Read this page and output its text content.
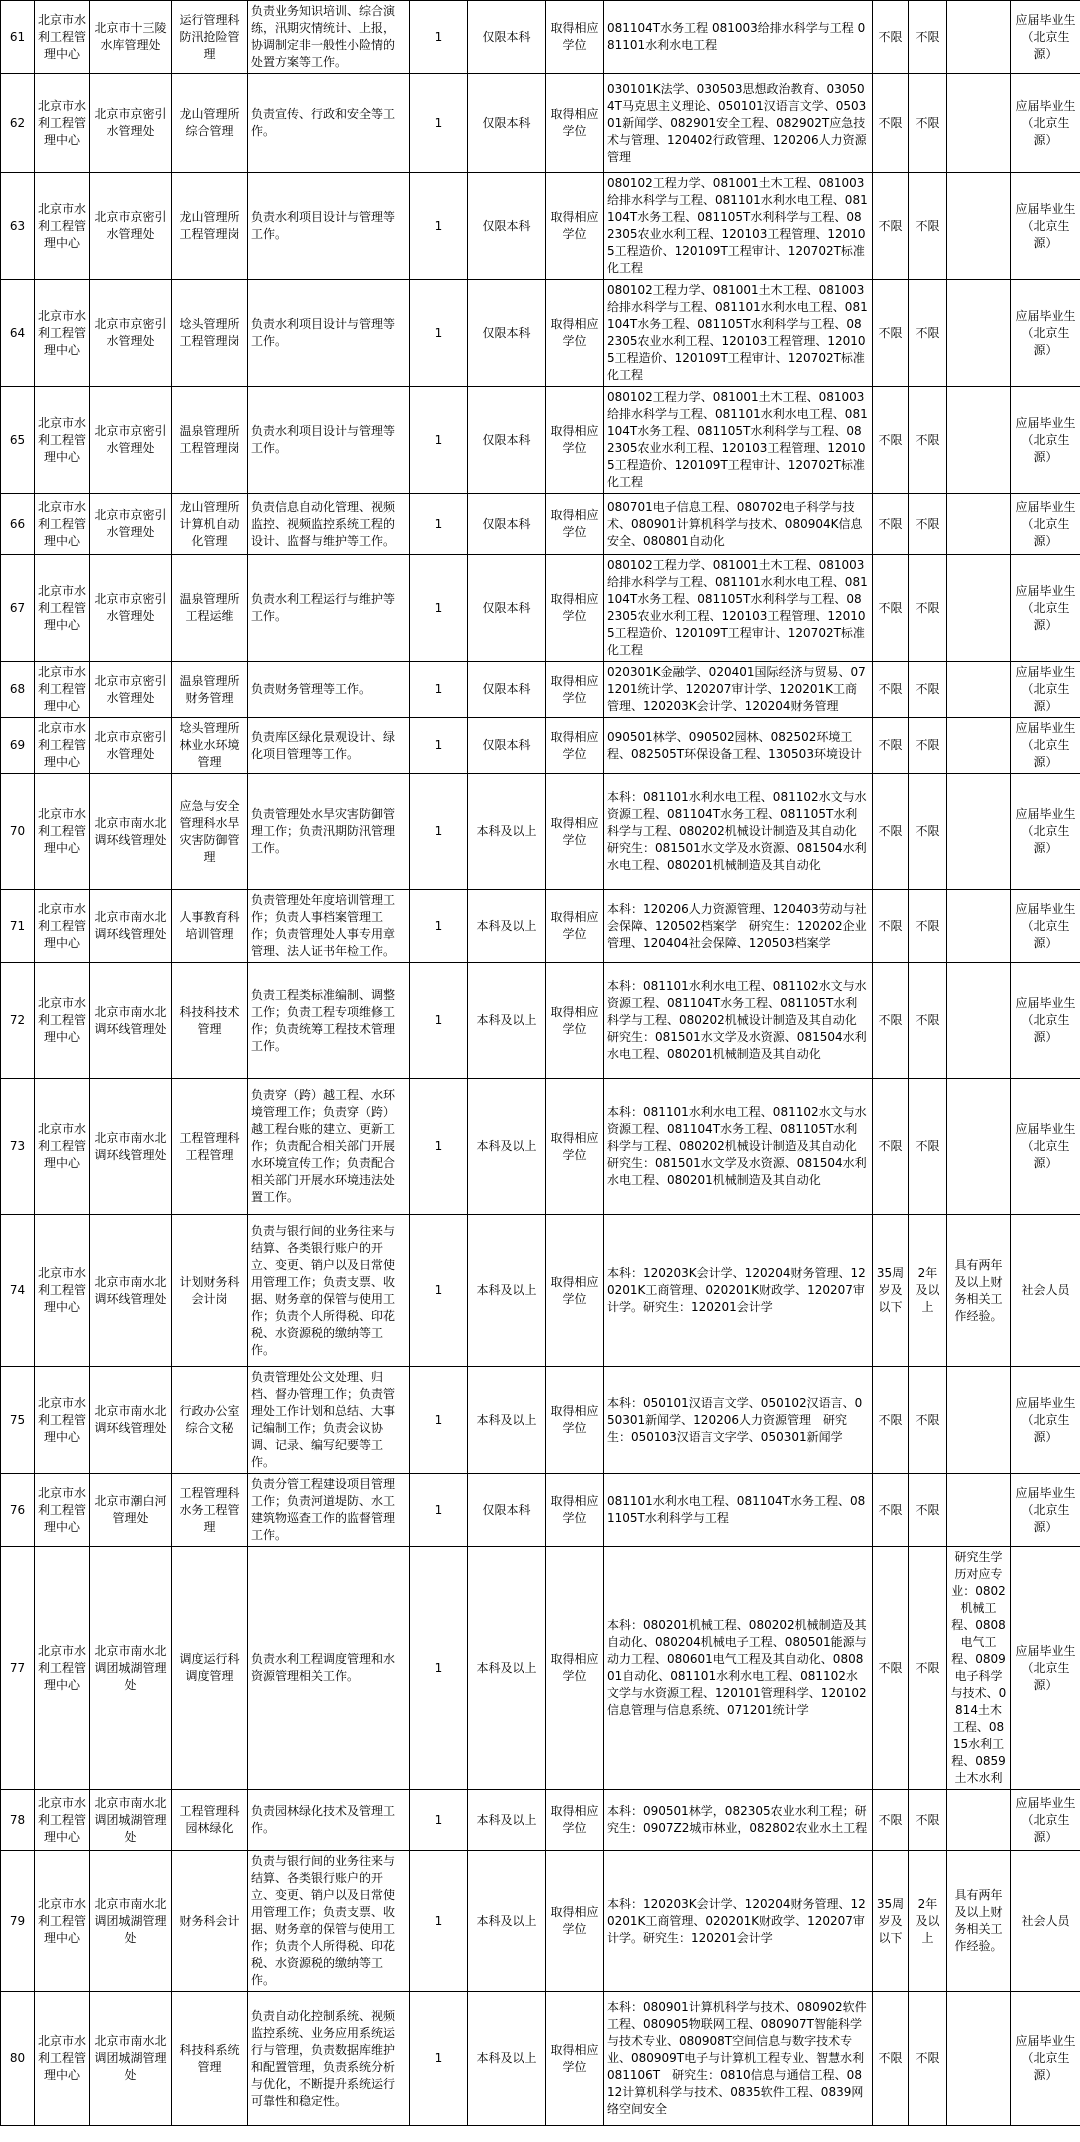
61	北京市水利工程管理中心	北京市十三陵水库管理处	运行管理科防汛抢险管理	负责业务知识培训、综合演练，汛期灾情统计、上报，协调制定非一般性小险情的处置方案等工作。	1	仅限本科	取得相应学位	081104T水务工程 081003给排水科学与工程 081101水利水电工程	不限	不限		应届毕业生（北京生源）
62	北京市水利工程管理中心	北京市京密引水管理处	龙山管理所综合管理	负责宣传、行政和安全等工作。	1	仅限本科	取得相应学位	030101K法学、030503思想政治教育、030504T马克思主义理论、050101汉语言文学、050301新闻学、082901安全工程、082902T应急技术与管理、120402行政管理、120206人力资源管理	不限	不限		应届毕业生（北京生源）
63	北京市水利工程管理中心	北京市京密引水管理处	龙山管理所工程管理岗	负责水利项目设计与管理等工作。	1	仅限本科	取得相应学位	080102工程力学、081001土木工程、081003给排水科学与工程、081101水利水电工程、081104T水务工程、081105T水利科学与工程、082305农业水利工程、120103工程管理、120105工程造价、120109T工程审计、120702T标准化工程	不限	不限		应届毕业生（北京生源）
64	北京市水利工程管理中心	北京市京密引水管理处	埝头管理所工程管理岗	负责水利项目设计与管理等工作。	1	仅限本科	取得相应学位	080102工程力学、081001土木工程、081003给排水科学与工程、081101水利水电工程、081104T水务工程、081105T水利科学与工程、082305农业水利工程、120103工程管理、120105工程造价、120109T工程审计、120702T标准化工程	不限	不限		应届毕业生（北京生源）
65	北京市水利工程管理中心	北京市京密引水管理处	温泉管理所工程管理岗	负责水利项目设计与管理等工作。	1	仅限本科	取得相应学位	080102工程力学、081001土木工程、081003给排水科学与工程、081101水利水电工程、081104T水务工程、081105T水利科学与工程、082305农业水利工程、120103工程管理、120105工程造价、120109T工程审计、120702T标准化工程	不限	不限		应届毕业生（北京生源）
66	北京市水利工程管理中心	北京市京密引水管理处	龙山管理所计算机自动化管理	负责信息自动化管理、视频监控、视频监控系统工程的设计、监督与维护等工作。	1	仅限本科	取得相应学位	080701电子信息工程、080702电子科学与技术、080901计算机科学与技术、080904K信息安全、080801自动化	不限	不限		应届毕业生（北京生源）
67	北京市水利工程管理中心	北京市京密引水管理处	温泉管理所工程运维	负责水利工程运行与维护等工作。	1	仅限本科	取得相应学位	080102工程力学、081001土木工程、081003给排水科学与工程、081101水利水电工程、081104T水务工程、081105T水利科学与工程、082305农业水利工程、120103工程管理、120105工程造价、120109T工程审计、120702T标准化工程	不限	不限		应届毕业生（北京生源）
68	北京市水利工程管理中心	北京市京密引水管理处	温泉管理所财务管理	负责财务管理等工作。	1	仅限本科	取得相应学位	020301K金融学、020401国际经济与贸易、071201统计学、120207审计学、120201K工商管理、120203K会计学、120204财务管理	不限	不限		应届毕业生（北京生源）
69	北京市水利工程管理中心	北京市京密引水管理处	埝头管理所林业水环境管理	负责库区绿化景观设计、绿化项目管理等工作。	1	仅限本科	取得相应学位	090501林学、090502园林、082502环境工程、082505T环保设备工程、130503环境设计	不限	不限		应届毕业生（北京生源）
70	北京市水利工程管理中心	北京市南水北调环线管理处	应急与安全管理科水旱灾害防御管理	负责管理处水旱灾害防御管理工作；负责汛期防汛管理工作。	1	本科及以上	取得相应学位	本科：081101水利水电工程、081102水文与水资源工程、081104T水务工程、081105T水利科学与工程、080202机械设计制造及其自动化　研究生：081501水文学及水资源、081504水利水电工程、080201机械制造及其自动化	不限	不限		应届毕业生（北京生源）
71	北京市水利工程管理中心	北京市南水北调环线管理处	人事教育科培训管理	负责管理处年度培训管理工作；负责人事档案管理工作；负责管理处人事专用章管理、法人证书年检工作。	1	本科及以上	取得相应学位	本科：120206人力资源管理、120403劳动与社会保障、120502档案学　研究生：120202企业管理、120404社会保障、120503档案学	不限	不限		应届毕业生（北京生源）
72	北京市水利工程管理中心	北京市南水北调环线管理处	科技科技术管理	负责工程类标准编制、调整工作；负责工程专项维修工作；负责统筹工程技术管理工作。	1	本科及以上	取得相应学位	本科：081101水利水电工程、081102水文与水资源工程、081104T水务工程、081105T水利科学与工程、080202机械设计制造及其自动化　研究生：081501水文学及水资源、081504水利水电工程、080201机械制造及其自动化	不限	不限		应届毕业生（北京生源）
73	北京市水利工程管理中心	北京市南水北调环线管理处	工程管理科工程管理	负责穿（跨）越工程、水环境管理工作；负责穿（跨）越工程台账的建立、更新工作；负责配合相关部门开展水环境宣传工作；负责配合相关部门开展水环境违法处置工作。	1	本科及以上	取得相应学位	本科：081101水利水电工程、081102水文与水资源工程、081104T水务工程、081105T水利科学与工程、080202机械设计制造及其自动化　研究生：081501水文学及水资源、081504水利水电工程、080201机械制造及其自动化	不限	不限		应届毕业生（北京生源）
74	北京市水利工程管理中心	北京市南水北调环线管理处	计划财务科会计岗	负责与银行间的业务往来与结算、各类银行账户的开立、变更、销户以及日常使用管理工作；负责支票、收据、财务章的保管与使用工作；负责个人所得税、印花税、水资源税的缴纳等工作。	1	本科及以上	取得相应学位	本科：120203K会计学、120204财务管理、120201K工商管理、020201K财政学、120207审计学。研究生：120201会计学	35周岁及以下	2年及以上	具有两年及以上财务相关工作经验。	社会人员
75	北京市水利工程管理中心	北京市南水北调环线管理处	行政办公室综合文秘	负责管理处公文处理、归档、督办管理工作；负责管理处工作计划和总结、大事记编制工作；负责会议协调、记录、编写纪要等工作。	1	本科及以上	取得相应学位	本科：050101汉语言文学、050102汉语言、050301新闻学、120206人力资源管理　研究生：050103汉语言文字学、050301新闻学	不限	不限		应届毕业生（北京生源）
76	北京市水利工程管理中心	北京市潮白河管理处	工程管理科水务工程管理	负责分管工程建设项目管理工作；负责河道堤防、水工建筑物巡查工作的监督管理工作。	1	仅限本科	取得相应学位	081101水利水电工程、081104T水务工程、081105T水利科学与工程	不限	不限		应届毕业生（北京生源）
77	北京市水利工程管理中心	北京市南水北调团城湖管理处	调度运行科调度管理	负责水利工程调度管理和水资源管理相关工作。	1	本科及以上	取得相应学位	本科：080201机械工程、080202机械制造及其自动化、080204机械电子工程、080501能源与动力工程、080601电气工程及其自动化、080801自动化、081101水利水电工程、081102水文学与水资源工程、120101管理科学、120102信息管理与信息系统、071201统计学	不限	不限	研究生学历对应专业：0802机械工程、0808电气工程、0809电子科学与技术、0814土木工程、0815水利工程、0859土木水利	应届毕业生（北京生源）
78	北京市水利工程管理中心	北京市南水北调团城湖管理处	工程管理科园林绿化	负责园林绿化技术及管理工作。	1	本科及以上	取得相应学位	本科：090501林学，082305农业水利工程；研究生：0907Z2城市林业，082802农业水土工程	不限	不限		应届毕业生（北京生源）
79	北京市水利工程管理中心	北京市南水北调团城湖管理处	财务科会计	负责与银行间的业务往来与结算、各类银行账户的开立、变更、销户以及日常使用管理工作；负责支票、收据、财务章的保管与使用工作；负责个人所得税、印花税、水资源税的缴纳等工作。	1	本科及以上	取得相应学位	本科：120203K会计学、120204财务管理、120201K工商管理、020201K财政学、120207审计学。研究生：120201会计学	35周岁及以下	2年及以上	具有两年及以上财务相关工作经验。	社会人员
80	北京市水利工程管理中心	北京市南水北调团城湖管理处	科技科系统管理	负责自动化控制系统、视频监控系统、业务应用系统运行与管理，负责数据库维护和配置管理，负责系统分析与优化，不断提升系统运行可靠性和稳定性。	1	本科及以上	取得相应学位	本科：080901计算机科学与技术、080902软件工程、080905物联网工程、080907T智能科学与技术专业、080908T空间信息与数字技术专业、080909T电子与计算机工程专业、智慧水利081106T　研究生：0810信息与通信工程、0812计算机科学与技术、0835软件工程、0839网络空间安全	不限	不限		应届毕业生（北京生源）
